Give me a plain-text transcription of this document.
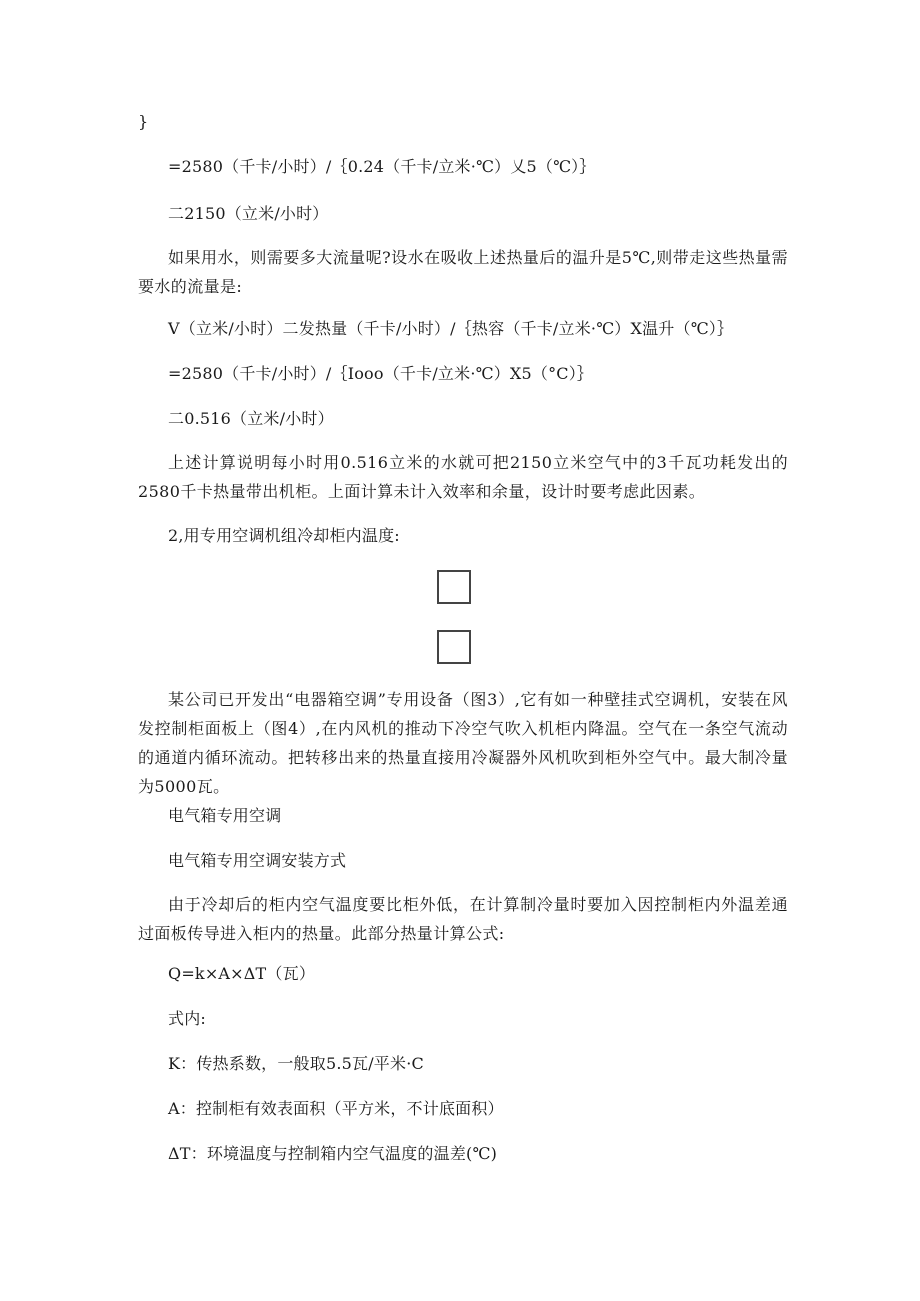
}
=2580（千卡/小时）/｛0.24（千卡/立米·℃）乂5（℃）｝
二2150（立米/小时）
如果用水，则需要多大流量呢?设水在吸收上述热量后的温升是5℃,则带走这些热量需要水的流量是:
V（立米/小时）二发热量（千卡/小时）/｛热容（千卡/立米·℃）X温升（℃）｝
=2580（千卡/小时）/｛Iooo（千卡/立米·℃）X5（°C）｝
二0.516（立米/小时）
上述计算说明每小时用0.516立米的水就可把2150立米空气中的3千瓦功耗发出的2580千卡热量带出机柜。上面计算未计入效率和余量，设计时要考虑此因素。
2,用专用空调机组冷却柜内温度:
某公司已开发出“电器箱空调”专用设备（图3）,它有如一种壁挂式空调机，安装在风发控制柜面板上（图4）,在内风机的推动下冷空气吹入机柜内降温。空气在一条空气流动的通道内循环流动。把转移出来的热量直接用冷凝器外风机吹到柜外空气中。最大制冷量为5000瓦。
电气箱专用空调
电气箱专用空调安装方式
由于冷却后的柜内空气温度要比柜外低，在计算制冷量时要加入因控制柜内外温差通过面板传导进入柜内的热量。此部分热量计算公式:
Q=k×A×ΔT（瓦）
式内:
K：传热系数，一般取5.5瓦/平米·C
A：控制柜有效表面积（平方米，不计底面积）
ΔT：环境温度与控制箱内空气温度的温差(℃)
